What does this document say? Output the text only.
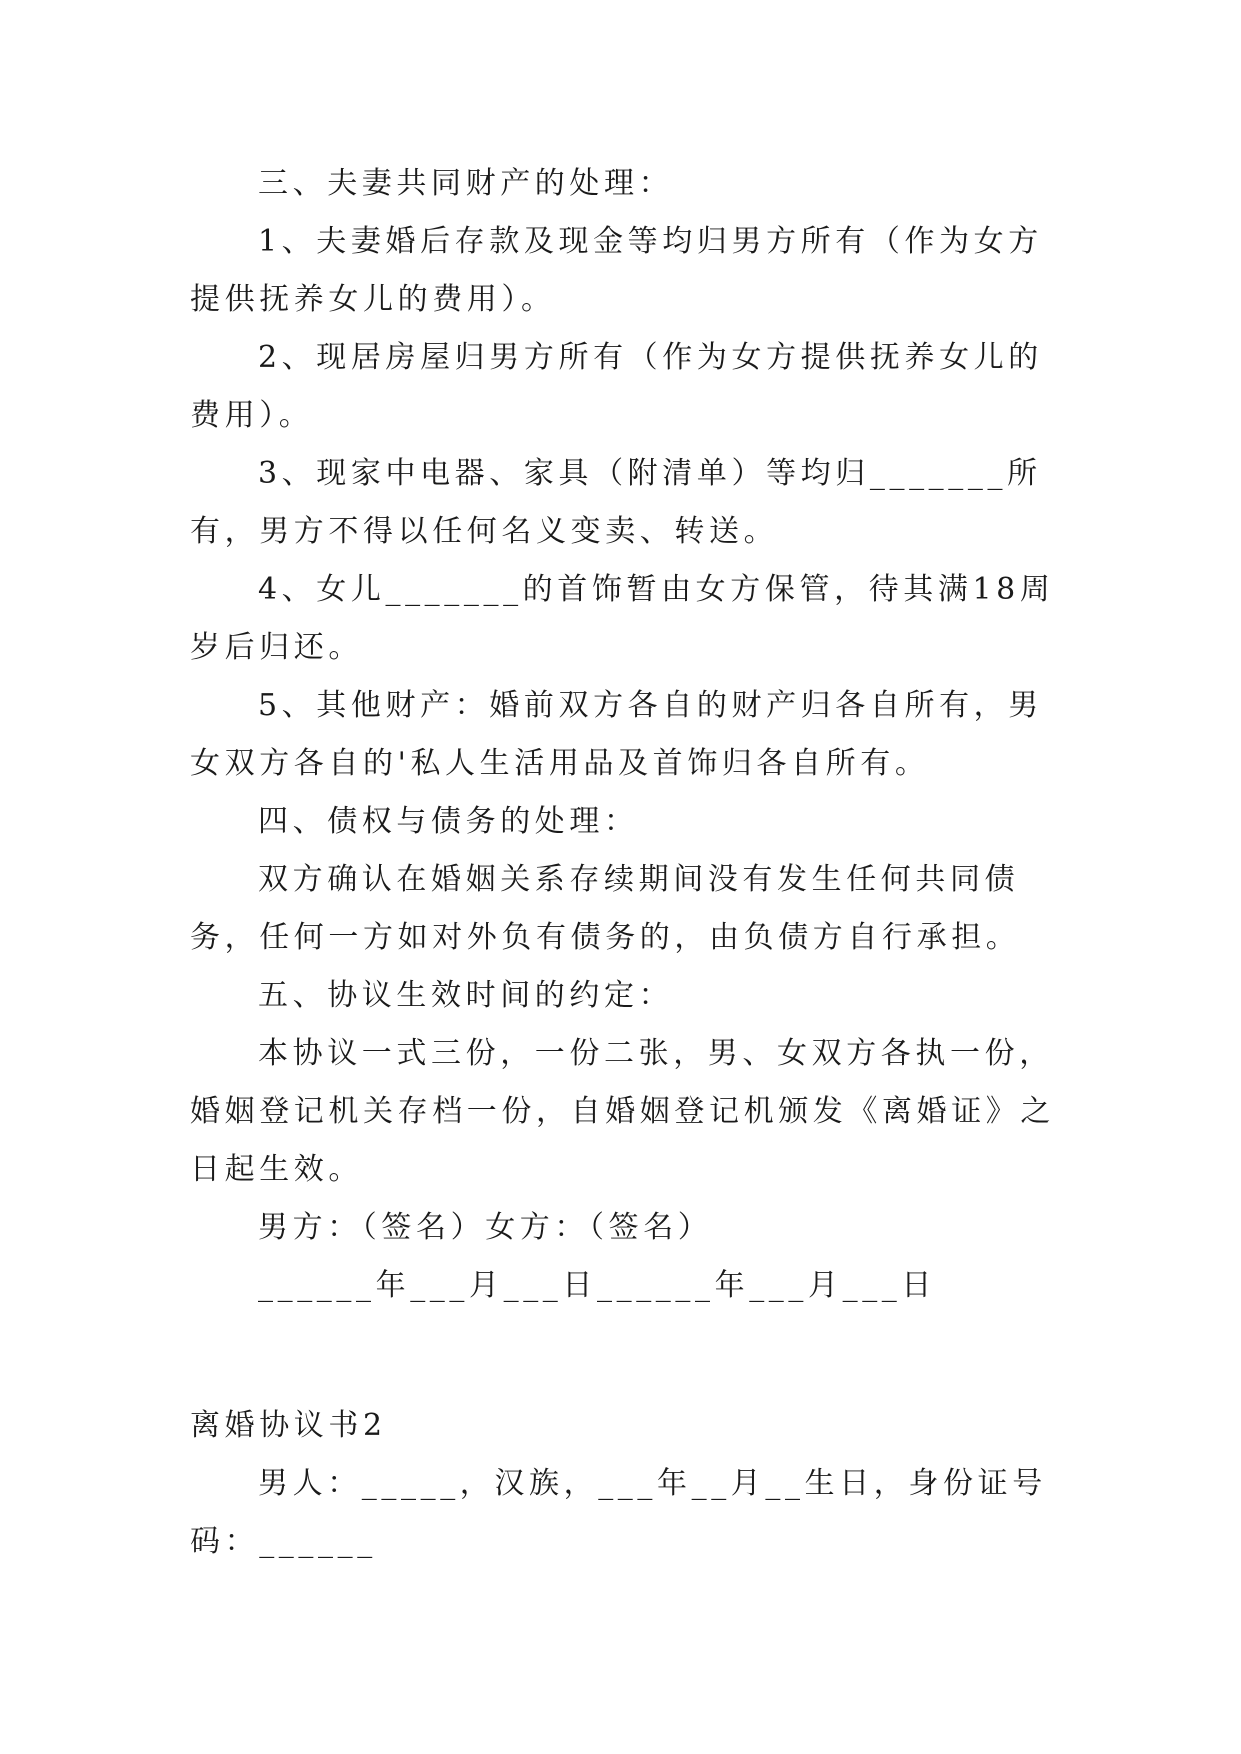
三、夫妻共同财产的处理：

1、夫妻婚后存款及现金等均归男方所有（作为女方提供抚养女儿的费用）。

2、现居房屋归男方所有（作为女方提供抚养女儿的费用）。

3、现家中电器、家具（附清单）等均归_______所有，男方不得以任何名义变卖、转送。

4、女儿_______的首饰暂由女方保管，待其满18周岁后归还。

5、其他财产：婚前双方各自的财产归各自所有，男女双方各自的'私人生活用品及首饰归各自所有。

四、债权与债务的处理：

双方确认在婚姻关系存续期间没有发生任何共同债务，任何一方如对外负有债务的，由负债方自行承担。

五、协议生效时间的约定：

本协议一式三份，一份二张，男、女双方各执一份，婚姻登记机关存档一份，自婚姻登记机颁发《离婚证》之日起生效。

男方：（签名）女方：（签名）

______年___月___日______年___月___日

离婚协议书2

男人：_____，汉族，___年__月__生日，身份证号码：______
